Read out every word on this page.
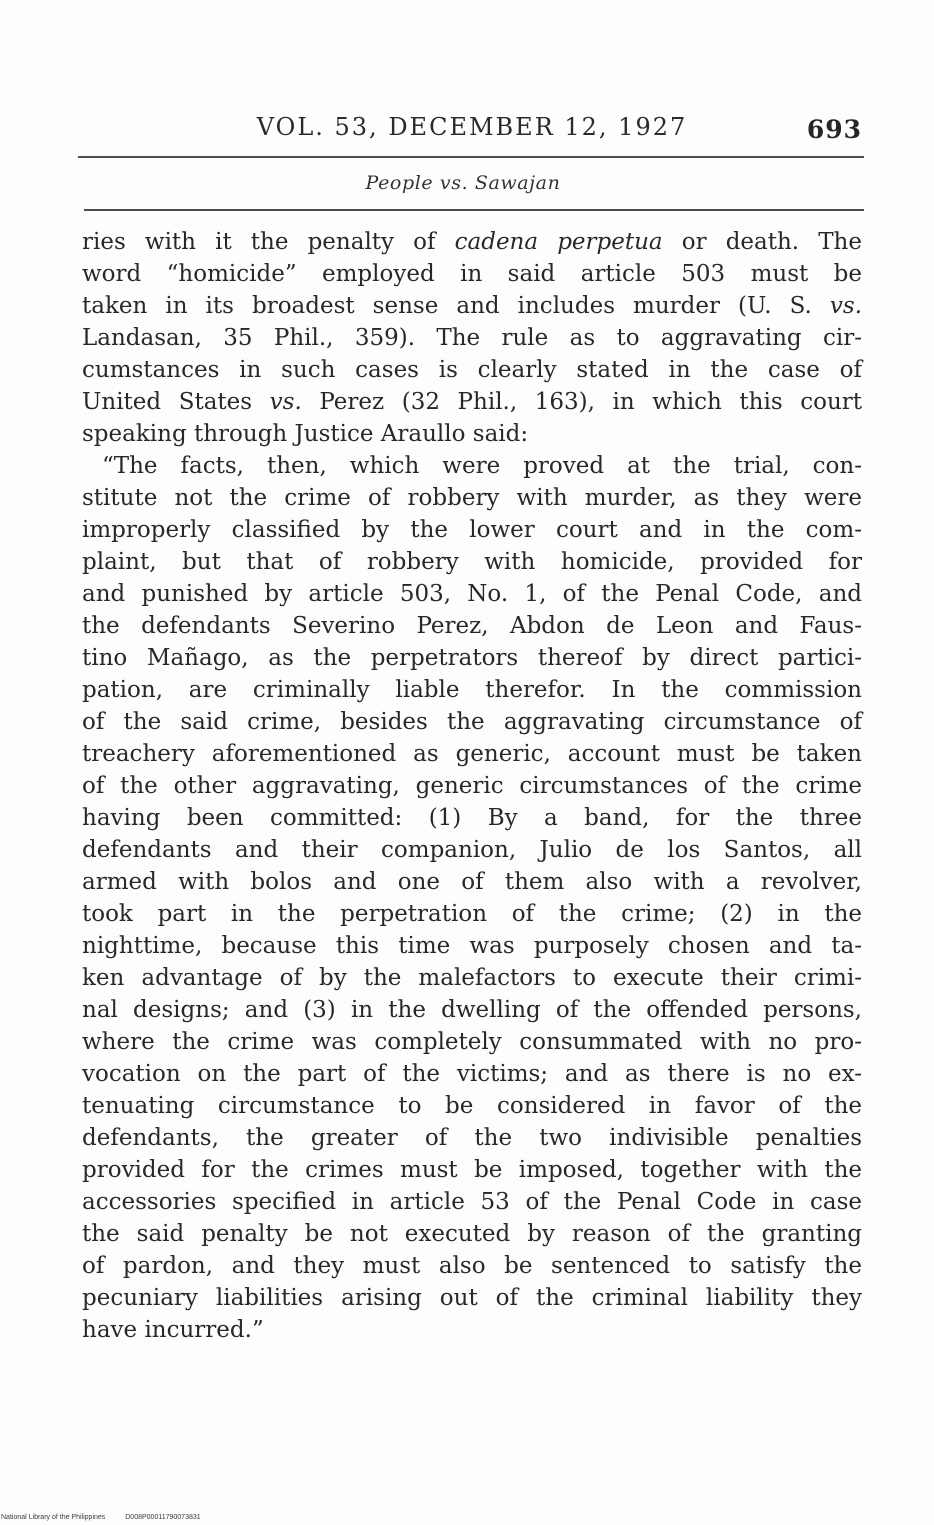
VOL. 53, DECEMBER 12, 1927	693
People vs. Sawajan
ries with it the penalty of cadena perpetua or death. The
word “homicide” employed in said article 503 must be
taken in its broadest sense and includes murder (U. S. vs.
Landasan, 35 Phil., 359). The rule as to aggravating cir-
cumstances in such cases is clearly stated in the case of
United States vs. Perez (32 Phil., 163), in which this court
speaking through Justice Araullo said:
“The facts, then, which were proved at the trial, con-
stitute not the crime of robbery with murder, as they were
improperly classified by the lower court and in the com-
plaint, but that of robbery with homicide, provided for
and punished by article 503, No. 1, of the Penal Code, and
the defendants Severino Perez, Abdon de Leon and Faus-
tino Mañago, as the perpetrators thereof by direct partici-
pation, are criminally liable therefor. In the commission
of the said crime, besides the aggravating circumstance of
treachery aforementioned as generic, account must be taken
of the other aggravating, generic circumstances of the crime
having been committed: (1) By a band, for the three
defendants and their companion, Julio de los Santos, all
armed with bolos and one of them also with a revolver,
took part in the perpetration of the crime; (2) in the
nighttime, because this time was purposely chosen and ta-
ken advantage of by the malefactors to execute their crimi-
nal designs; and (3) in the dwelling of the offended persons,
where the crime was completely consummated with no pro-
vocation on the part of the victims; and as there is no ex-
tenuating circumstance to be considered in favor of the
defendants, the greater of the two indivisible penalties
provided for the crimes must be imposed, together with the
accessories specified in article 53 of the Penal Code in case
the said penalty be not executed by reason of the granting
of pardon, and they must also be sentenced to satisfy the
pecuniary liabilities arising out of the criminal liability they
have incurred.”
National Library of the Philippines	D008P00011790073831
